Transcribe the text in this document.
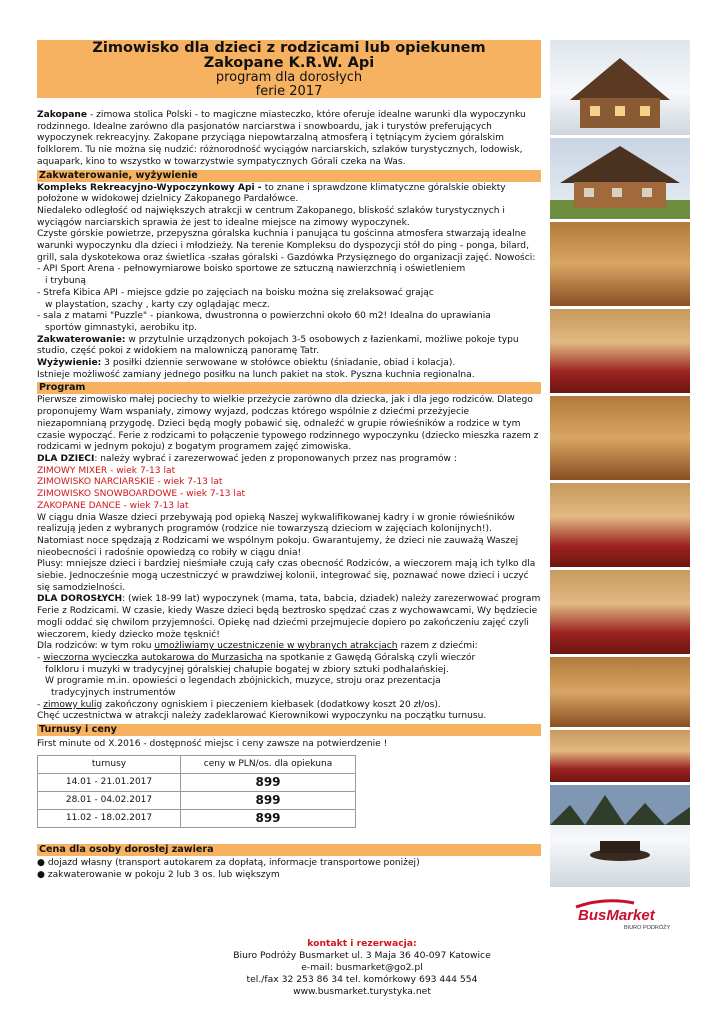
Zimowisko dla dzieci z rodzicami lub opiekunem
Zakopane K.R.W. Api
program dla dorosłych
ferie 2017

Zakopane - zimowa stolica Polski - to magiczne miasteczko, które oferuje idealne warunki dla wypoczynku rodzinnego. Idealne zarówno dla pasjonatów narciarstwa i snowboardu, jak i turystów preferujących wypoczynek rekreacyjny. Zakopane przyciąga niepowtarzalną atmosferą i tętniącym życiem góralskim folklorem. Tu nie można się nudzić: różnorodność wyciągów narciarskich, szlaków turystycznych, lodowisk, aquapark, kino to wszystko w towarzystwie sympatycznych Górali czeka na Was.

Zakwaterowanie, wyżywienie

Kompleks Rekreacyjno-Wypoczynkowy Api - to znane i sprawdzone klimatyczne góralskie obiekty położone w widokowej dzielnicy Zakopanego Pardałówce.

Niedaleko odległość od największych atrakcji w centrum Zakopanego, bliskość szlaków turystycznych i wyciągów narciarskich sprawia że jest to idealne miejsce na zimowy wypoczynek.

Czyste górskie powietrze, przepyszna góralska kuchnia i panująca tu gościnna atmosfera stwarzają idealne warunki wypoczynku dla dzieci i młodzieży. Na terenie Kompleksu do dyspozycji stół do ping - ponga, bilard, grill, sala dyskotekowa oraz świetlica -szałas góralski - Gazdówka Przysięznego do organizacji zajęć. Nowości:

- API Sport Arena - pełnowymiarowe boisko sportowe ze sztuczną nawierzchnią i oświetleniem

i trybuną

- Strefa Kibica API - miejsce gdzie po zajęciach na boisku można się zrelaksować grając

w playstation, szachy , karty czy oglądając mecz.

- sala z matami "Puzzle" - piankowa, dwustronna o powierzchni około 60 m2! Idealna do uprawiania

sportów gimnastyki, aerobiku itp.

Zakwaterowanie: w przytulnie urządzonych pokojach 3-5 osobowych z łazienkami, możliwe pokoje typu studio, część pokoi z widokiem na malowniczą panoramę Tatr.

Wyżywienie: 3 posiłki dziennie serwowane w stołówce obiektu (śniadanie, obiad i kolacja).

Istnieje możliwość zamiany jednego posiłku na lunch pakiet na stok. Pyszna kuchnia regionalna.

Program

Pierwsze zimowisko małej pociechy to wielkie przeżycie zarówno dla dziecka, jak i dla jego rodziców. Dlatego proponujemy Wam wspaniały, zimowy wyjazd, podczas którego wspólnie z dziećmi przeżyjecie niezapomnianą przygodę. Dzieci będą mogły pobawić się, odnaleźć w grupie rówieśników a rodzice w tym czasie wypocząć. Ferie z rodzicami to połączenie typowego rodzinnego wypoczynku (dziecko mieszka razem z rodzicami w jednym pokoju) z bogatym programem zajęć zimowiska.

DLA DZIECI: należy wybrać i zarezerwować jeden z proponowanych przez nas programów :

ZIMOWY MIXER - wiek 7-13 lat

ZIMOWISKO NARCIARSKIE - wiek 7-13 lat

ZIMOWISKO SNOWBOARDOWE - wiek 7-13 lat

ZAKOPANE DANCE - wiek 7-13 lat

W ciągu dnia Wasze dzieci przebywają pod opieką Naszej wykwalifikowanej kadry i w gronie rówieśników realizują jeden z wybranych programów (rodzice nie towarzyszą dzieciom w zajęciach kolonijnych!). Natomiast noce spędzają z Rodzicami we wspólnym pokoju. Gwarantujemy, że dzieci nie zauważą Waszej nieobecności i radośnie opowiedzą co robiły w ciągu dnia!

Plusy: mniejsze dzieci i bardziej nieśmiałe czują cały czas obecność Rodziców, a wieczorem mają ich tylko dla siebie. Jednocześnie mogą uczestniczyć w prawdziwej kolonii, integrować się, poznawać nowe dzieci i uczyć się samodzielności.

DLA DOROSŁYCH: (wiek 18-99 lat) wypoczynek (mama, tata, babcia, dziadek) należy zarezerwować program Ferie z Rodzicami. W czasie, kiedy Wasze dzieci będą beztrosko spędzać czas z wychowawcami, Wy będziecie mogli oddać się chwilom przyjemności. Opiekę nad dziećmi przejmujecie dopiero po zakończeniu zajęć czyli wieczorem, kiedy dziecko może tęsknić!

Dla rodziców: w tym roku umożliwiamy uczestniczenie w wybranych atrakcjach razem z dziećmi:

- wieczorna wycieczka autokarowa do Murzasicha na spotkanie z Gawędą Góralską czyli wieczór

folkloru i muzyki w tradycyjnej góralskiej chałupie bogatej w zbiory sztuki podhalańskiej.

W programie m.in. opowieści o legendach zbójnickich, muzyce, stroju oraz prezentacja

tradycyjnych instrumentów

- zimowy kulig zakończony ogniskiem i pieczeniem kiełbasek (dodatkowy koszt 20 zł/os).

Chęć uczestnictwa w atrakcji należy zadeklarować Kierownikowi wypoczynku na początku turnusu.

Turnusy i ceny

First minute od X.2016 - dostępność miejsc i ceny zawsze na potwierdzenie !

turnusy	ceny w PLN/os. dla opiekuna
14.01 - 21.01.2017	899
28.01 - 04.02.2017	899
11.02 - 18.02.2017	899
Cena dla osoby dorosłej zawiera

● dojazd własny (transport autokarem za dopłatą, informacje transportowe poniżej)

● zakwaterowanie w pokoju 2 lub 3 os. lub większym

BusMarket
BIURO PODRÓŻY
kontakt i rezerwacja:
Biuro Podróży Busmarket ul. 3 Maja 36 40-097 Katowice
e-mail: busmarket@go2.pl
tel./fax 32 253 86 34 tel. komórkowy 693 444 554
www.busmarket.turystyka.net
